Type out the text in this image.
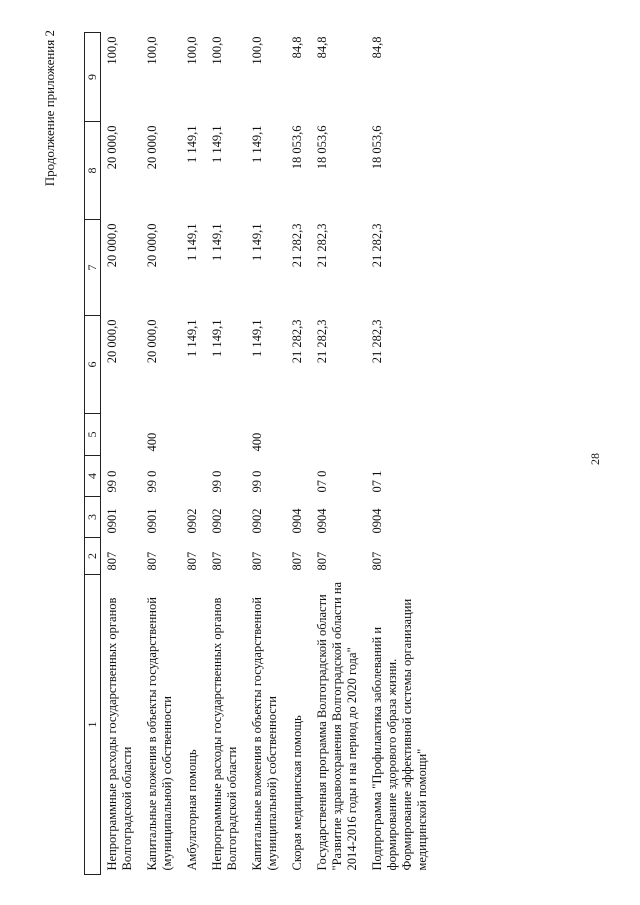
28
Продолжение приложения 2
1	2	3	4	5	6	7	8	9
Непрограммные расходы государственных органов Волгоградской области	807	0901	99 0		20 000,0	20 000,0	20 000,0	100,0
Капитальные вложения в объекты государственной (муниципальной) собственности	807	0901	99 0	400	20 000,0	20 000,0	20 000,0	100,0
Амбулаторная помощь	807	0902			1 149,1	1 149,1	1 149,1	100,0
Непрограммные расходы государственных органов Волгоградской области	807	0902	99 0		1 149,1	1 149,1	1 149,1	100,0
Капитальные вложения в объекты государственной (муниципальной) собственности	807	0902	99 0	400	1 149,1	1 149,1	1 149,1	100,0
Скорая медицинская помощь	807	0904			21 282,3	21 282,3	18 053,6	84,8
Государственная программа Волгоградской области "Развитие здравоохранения Волгоградской области на 2014-2016 годы и на период до 2020 года"	807	0904	07 0		21 282,3	21 282,3	18 053,6	84,8
Подпрограмма "Профилактика заболеваний и формирование здорового образа жизни. Формирование эффективной системы организации медицинской помощи"	807	0904	07 1		21 282,3	21 282,3	18 053,6	84,8
